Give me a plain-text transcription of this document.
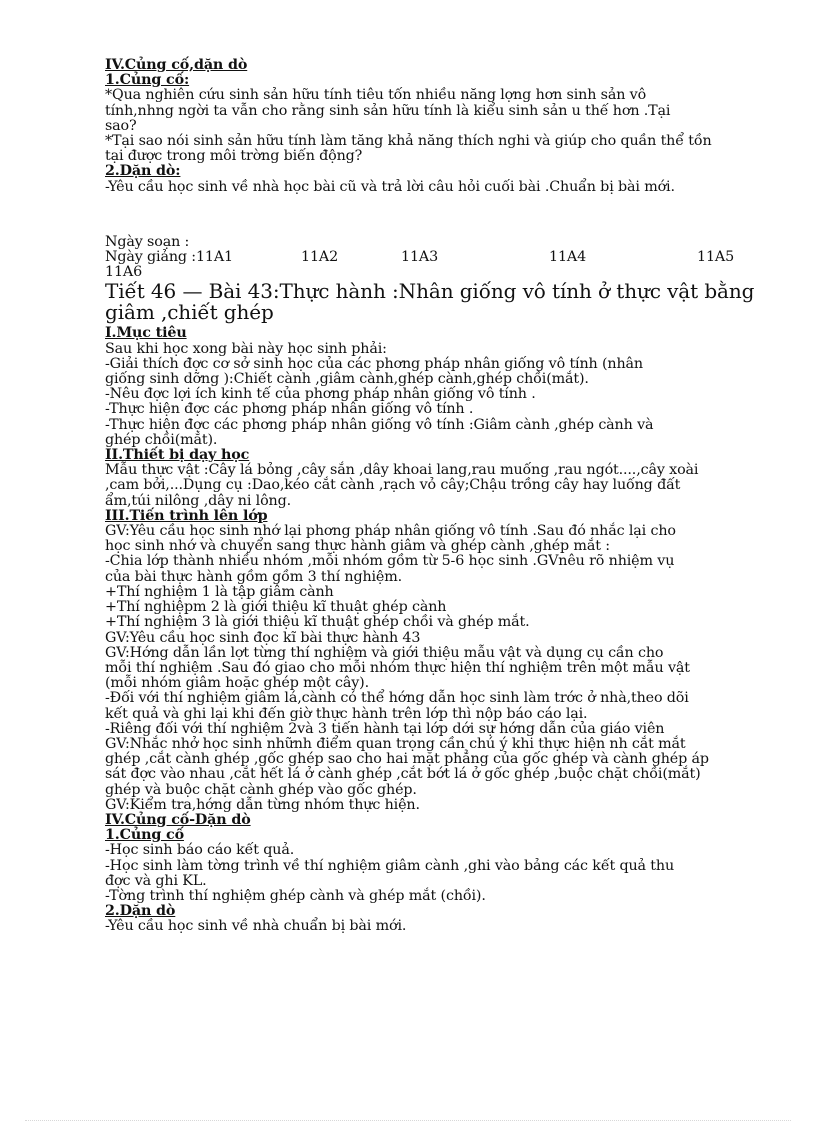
IV.Củng cố,dặn dò
1.Củng cố:
*Qua nghiên cứu sinh sản hữu tính tiêu tốn nhiều năng lợng hơn sinh sản vô
tính,nhng ngời ta vẫn cho rằng sinh sản hữu tính là kiểu sinh sản u thế hơn .Tại
sao?
*Tại sao nói sinh sản hữu tính làm tăng khả năng thích nghi và giúp cho quần thể tồn
tại được trong môi trờng biến động?
2.Dặn dò:
-Yêu cầu học sinh về nhà học bài cũ và trả lời câu hỏi cuối bài .Chuẩn bị bài mới.
Ngày soạn :
Ngày giảng :11A1	11A2	11A3	11A4	11A5
11A6
Tiết 46 — Bài 43:Thực hành :Nhân giống vô tính ở thực vật bằng
giâm ,chiết ghép
I.Mục tiêu
Sau khi học xong bài này học sinh phải:
-Giải thích đợc cơ sở sinh học của các phơng pháp nhân giống vô tính (nhân
giống sinh dỡng ):Chiết cành ,giâm cành,ghép cành,ghép chồi(mắt).
-Nêu đợc lợi ích kinh tế của phơng pháp nhân giống vô tính .
-Thực hiện đợc các phơng pháp nhân giống vô tính .
-Thực hiện đợc các phơng pháp nhân giống vô tính :Giâm cành ,ghép cành và
ghép chồi(mắt).
II.Thiết bị dạy học
Mẫu thực vật :Cây lá bỏng ,cây sắn ,dây khoai lang,rau muống ,rau ngót....,cây xoài
,cam bởi,...Dụng cụ :Dao,kéo cắt cành ,rạch vỏ cây;Chậu trồng cây hay luống đất
ẩm,túi nilông ,dây ni lông.
III.Tiến trình lên lớp
GV:Yêu cầu học sinh nhớ lại phơng pháp nhân giống vô tính .Sau đó nhắc lại cho
học sinh nhớ và chuyển sang thực hành giâm và ghép cành ,ghép mắt :
-Chia lớp thành nhiều nhóm ,mỗi nhóm gồm từ 5-6 học sinh .GVnêu rõ nhiệm vụ
của bài thực hành gồm gồm 3 thí nghiệm.
+Thí nghiệm 1 là tập giâm cành
+Thí nghiệpm 2 là giới thiệu kĩ thuật ghép cành
+Thí nghiệm 3 là giới thiệu kĩ thuật ghép chồi và ghép mắt.
GV:Yêu cầu học sinh đọc kĩ bài thực hành 43
GV:Hớng dẫn lần lợt từng thí nghiệm và giới thiệu mẫu vật và dụng cụ cần cho
mỗi thí nghiệm .Sau đó giao cho mỗi nhóm thực hiện thí nghiệm trên một mẫu vật
(mỗi nhóm giâm hoặc ghép một cây).
-Đối với thí nghiệm giâm lá,cành có thể hớng dẫn học sinh làm trớc ở nhà,theo dõi
kết quả và ghi lại khi đến giờ thực hành trên lớp thì nộp báo cáo lại.
-Riêng đối với thí nghiệm 2và 3 tiến hành tại lớp dới sự hớng dẫn của giáo viên
GV:Nhắc nhở học sinh nhữnh điểm quan trọng cần chú ý khi thực hiện nh cắt mắt
ghép ,cắt cành ghép ,gốc ghép sao cho hai mặt phẳng của gốc ghép và cành ghép áp
sát đợc vào nhau ,cắt hết lá ở cành ghép ,cắt bớt lá ở gốc ghép ,buộc chặt chồi(mắt)
ghép và buộc chặt cành ghép vào gốc ghép.
GV:Kiểm tra,hớng dẫn từng nhóm thực hiện.
IV.Củng cố-Dặn dò
1.Củng cố
-Học sinh báo cáo kết quả.
-Học sinh làm tờng trình về thí nghiệm giâm cành ,ghi vào bảng các kết quả thu
đợc và ghi KL.
-Tờng trình thí nghiệm ghép cành và ghép mắt (chồi).
2.Dặn dò
-Yêu cầu học sinh về nhà chuẩn bị bài mới.
